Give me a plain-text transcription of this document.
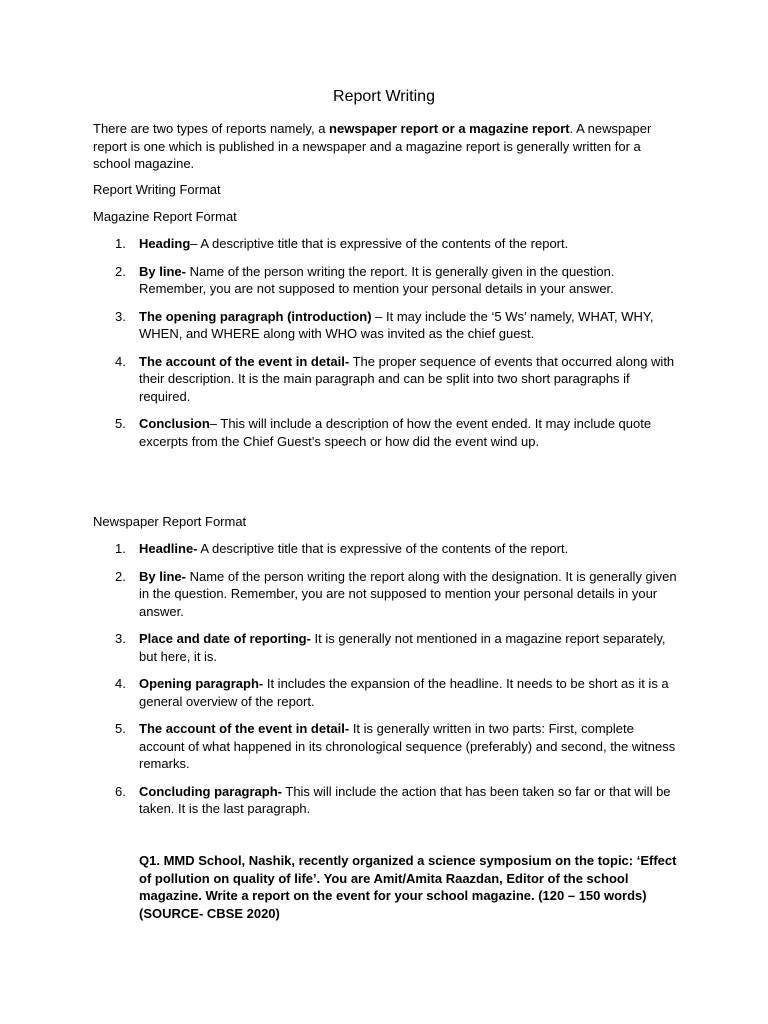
Report Writing
There are two types of reports namely, a newspaper report or a magazine report. A newspaper report is one which is published in a newspaper and a magazine report is generally written for a school magazine.
Report Writing Format
Magazine Report Format
1. Heading– A descriptive title that is expressive of the contents of the report.
2. By line- Name of the person writing the report. It is generally given in the question. Remember, you are not supposed to mention your personal details in your answer.
3. The opening paragraph (introduction) – It may include the ‘5 Ws’ namely, WHAT, WHY, WHEN, and WHERE along with WHO was invited as the chief guest.
4. The account of the event in detail- The proper sequence of events that occurred along with their description. It is the main paragraph and can be split into two short paragraphs if required.
5. Conclusion– This will include a description of how the event ended. It may include quote excerpts from the Chief Guest’s speech or how did the event wind up.
Newspaper Report Format
1. Headline- A descriptive title that is expressive of the contents of the report.
2. By line- Name of the person writing the report along with the designation. It is generally given in the question. Remember, you are not supposed to mention your personal details in your answer.
3. Place and date of reporting- It is generally not mentioned in a magazine report separately, but here, it is.
4. Opening paragraph- It includes the expansion of the headline. It needs to be short as it is a general overview of the report.
5. The account of the event in detail- It is generally written in two parts: First, complete account of what happened in its chronological sequence (preferably) and second, the witness remarks.
6. Concluding paragraph- This will include the action that has been taken so far or that will be taken. It is the last paragraph.
Q1. MMD School, Nashik, recently organized a science symposium on the topic: ‘Effect of pollution on quality of life’. You are Amit/Amita Raazdan, Editor of the school magazine. Write a report on the event for your school magazine. (120 – 150 words)
(SOURCE- CBSE 2020)
